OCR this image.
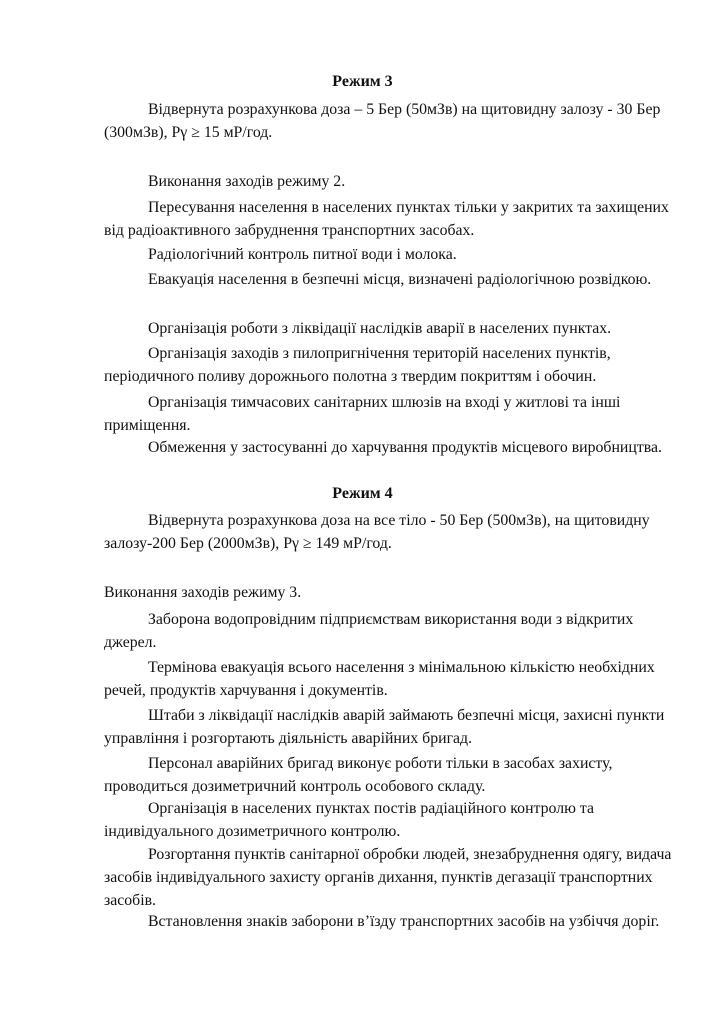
Режим 3
Відвернута розрахункова доза – 5 Бер (50мЗв) на щитовидну залозу - 30 Бер (300мЗв), Pγ ≥ 15 мР/год.
Виконання заходів режиму 2.
Пересування населення в населених пунктах тільки у закритих та захищених від радіоактивного забруднення транспортних засобах.
Радіологічний контроль питної води і молока.
Евакуація населення в безпечні місця, визначені радіологічною розвідкою.
Організація роботи з ліквідації наслідків аварії в населених пунктах.
Організація заходів з пилопригнічення територій населених пунктів, періодичного поливу дорожнього полотна з твердим покриттям і обочин.
Організація тимчасових санітарних шлюзів на вході у житлові та інші приміщення.
Обмеження у застосуванні до харчування продуктів місцевого виробництва.
Режим 4
Відвернута розрахункова доза на все тіло - 50 Бер (500мЗв), на щитовидну залозу-200 Бер (2000мЗв), Pγ ≥ 149 мР/год.
Виконання заходів режиму 3.
Заборона водопровідним підприємствам використання води з відкритих джерел.
Термінова евакуація всього населення з мінімальною кількістю необхідних речей, продуктів харчування і документів.
Штаби з ліквідації наслідків аварій займають безпечні місця, захисні пункти управління і розгортають діяльність аварійних бригад.
Персонал аварійних бригад виконує роботи тільки в засобах захисту, проводиться дозиметричний контроль особового складу.
Організація в населених пунктах постів радіаційного контролю та індивідуального дозиметричного контролю.
Розгортання пунктів санітарної обробки людей, знезабруднення одягу, видача засобів індивідуального захисту органів дихання, пунктів дегазації транспортних засобів.
Встановлення знаків заборони в’їзду транспортних засобів на узбіччя доріг.
